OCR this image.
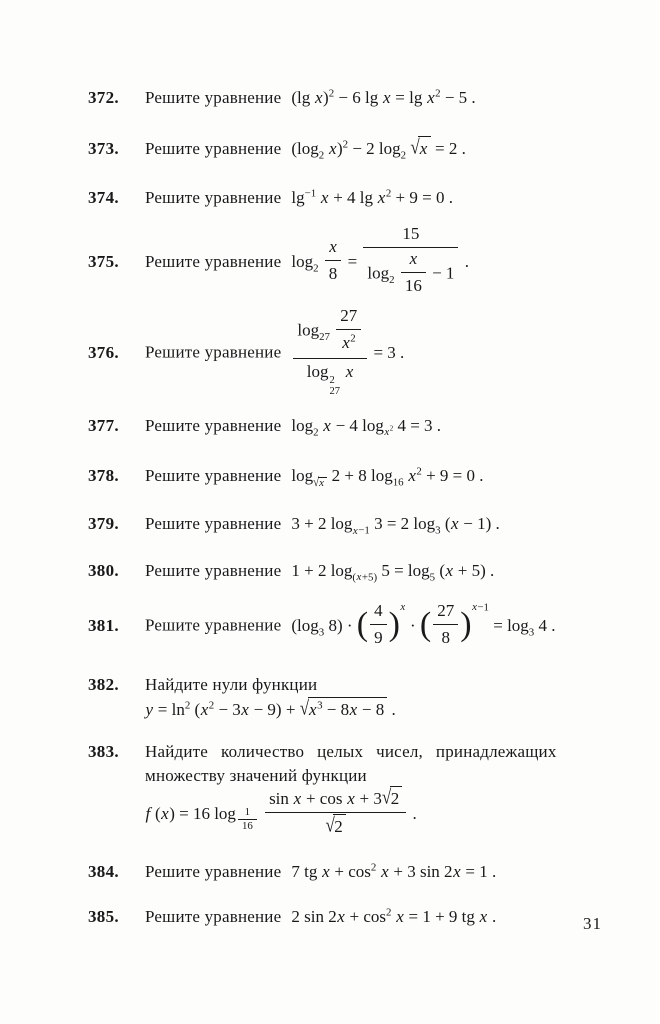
372.	Решите уравнение (lg x)$^2$ − 6 $\lg x = \lg x^2 - 5$ .
373.	Решите уравнение ($\log_2$ x)$^2$ − 2 $\log_2 √x = 2$ .
374.	Решите уравнение $\lg^{-1} x + 4$ $\lg x^2 + 9 = 0$ .
375.	Решите уравнение $\log_2 \frac{x}{8} = \frac{15}{\log_2 \frac{x}{16} - 1}$ .
376.	Решите уравнение $\log_{27} \frac{27}{x^2}$
log 2
27
x = 3 .
377.	Решите уравнение $\log_2 x - 4$ $\log_{x^2} 4 = 3$ .
378.	Решите уравнение $\log_{√x} 2 + 8$ $\log_{16} x^2 + 9 = 0$ .
379.	Решите уравнение 3 + 2 $\log_{x-1} 3 = 2$ $\log_3 (x - 1)$ .
380.	Решите уравнение 1 + 2 $\log_{(x+5)} 5 = \log_5 (x + 5)$ .
381.	Решите уравнение ($\log_3$ 8) · ( $\frac{4}{9} )^x$ · ( $\frac{27}{8} )^{x-1} = \log_3 4$ .
382.	Найдите нули функции
$y = \ln^2 (x^2 - 3x - 9) + √x^3 - 8x - 8$ .
383.	Найдите количество целых чисел, принадлежащих
множеству значений функции
f (x) = 16 log $_{\frac{1}{16}}$
$\frac{\text{sin x + cos x + 3√2}}{√2}$ .
384.	Решите уравнение 7 tg $x + \cos^2 x + 3$ sin 2x = 1 .
385.	Решите уравнение 2 $\sin 2x + \cos^2 x = 1 + 9$ tg x .	31
